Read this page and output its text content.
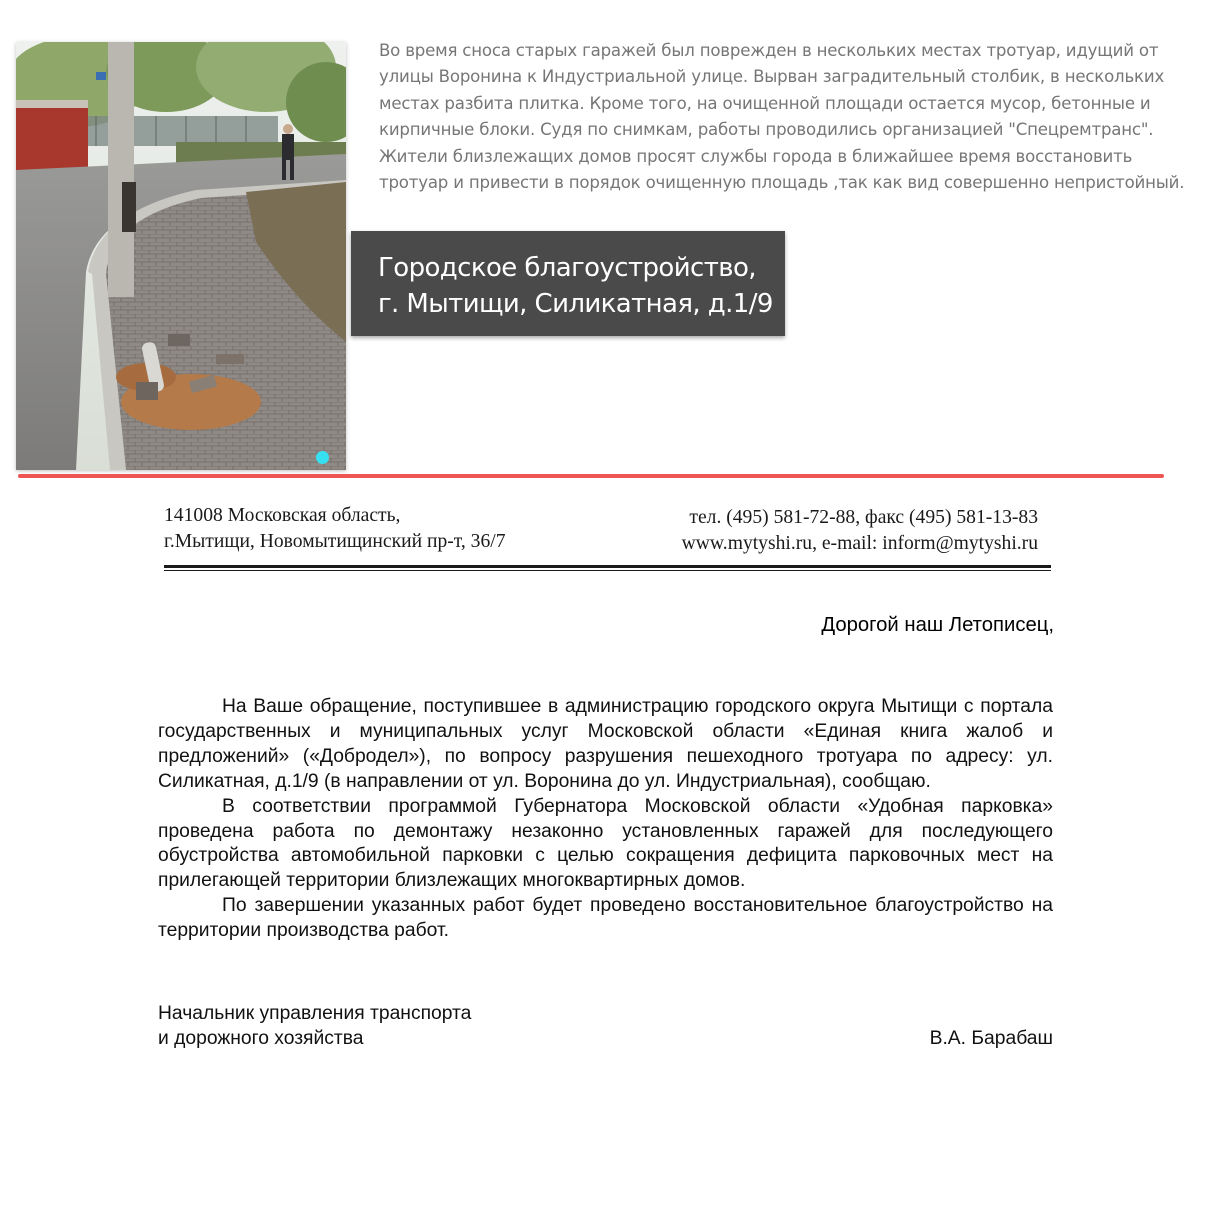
Во время сноса старых гаражей был поврежден в нескольких местах тротуар, идущий от улицы Воронина к Индустриальной улице. Вырван заградительный столбик, в нескольких местах разбита плитка. Кроме того, на очищенной площади остается мусор, бетонные и кирпичные блоки. Судя по снимкам, работы проводились организацией "Спецремтранс". Жители близлежащих домов просят службы города в ближайшее время восстановить тротуар и привести в порядок очищенную площадь ,так как вид совершенно непристойный.

Городское благоустройство,
г. Мытищи, Силикатная, д.1/9
141008 Московская область,
г.Мытищи, Новомытищинский пр-т, 36/7
тел. (495) 581-72-88, факс (495) 581-13-83
www.mytyshi.ru, e-mail: inform@mytyshi.ru
Дорогой наш Летописец,

На Ваше обращение, поступившее в администрацию городского округа Мытищи с портала государственных и муниципальных услуг Московской области «Единая книга жалоб и предложений» («Добродел»), по вопросу разрушения пешеходного тротуара по адресу: ул. Силикатная, д.1/9 (в направлении от ул. Воронина до ул. Индустриальная), сообщаю.

В соответствии программой Губернатора Московской области «Удобная парковка» проведена работа по демонтажу незаконно установленных гаражей для последующего обустройства автомобильной парковки с целью сокращения дефицита парковочных мест на прилегающей территории близлежащих многоквартирных домов.

По завершении указанных работ будет проведено восстановительное благоустройство на территории производства работ.

Начальник управления транспорта
и дорожного хозяйства	В.А. Барабаш
